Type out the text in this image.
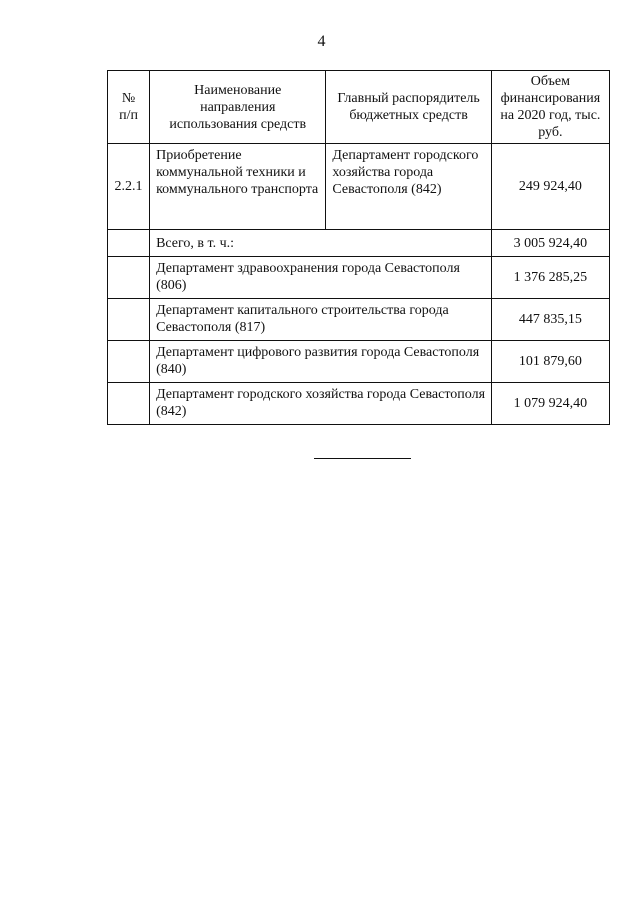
4
№ п/п	Наименование направления использования средств	Главный распорядитель бюджетных средств	Объем финансирования на 2020 год, тыс. руб.
2.2.1	Приобретение коммунальной техники и коммунального транспорта	Департамент городского хозяйства города Севастополя (842)	249 924,40
	Всего, в т. ч.:		3 005 924,40
	Департамент здравоохранения города Севастополя (806)		1 376 285,25
	Департамент капитального строительства города Севастополя (817)		447 835,15
	Департамент цифрового развития города Севастополя (840)		101 879,60
	Департамент городского хозяйства города Севастополя (842)		1 079 924,40
